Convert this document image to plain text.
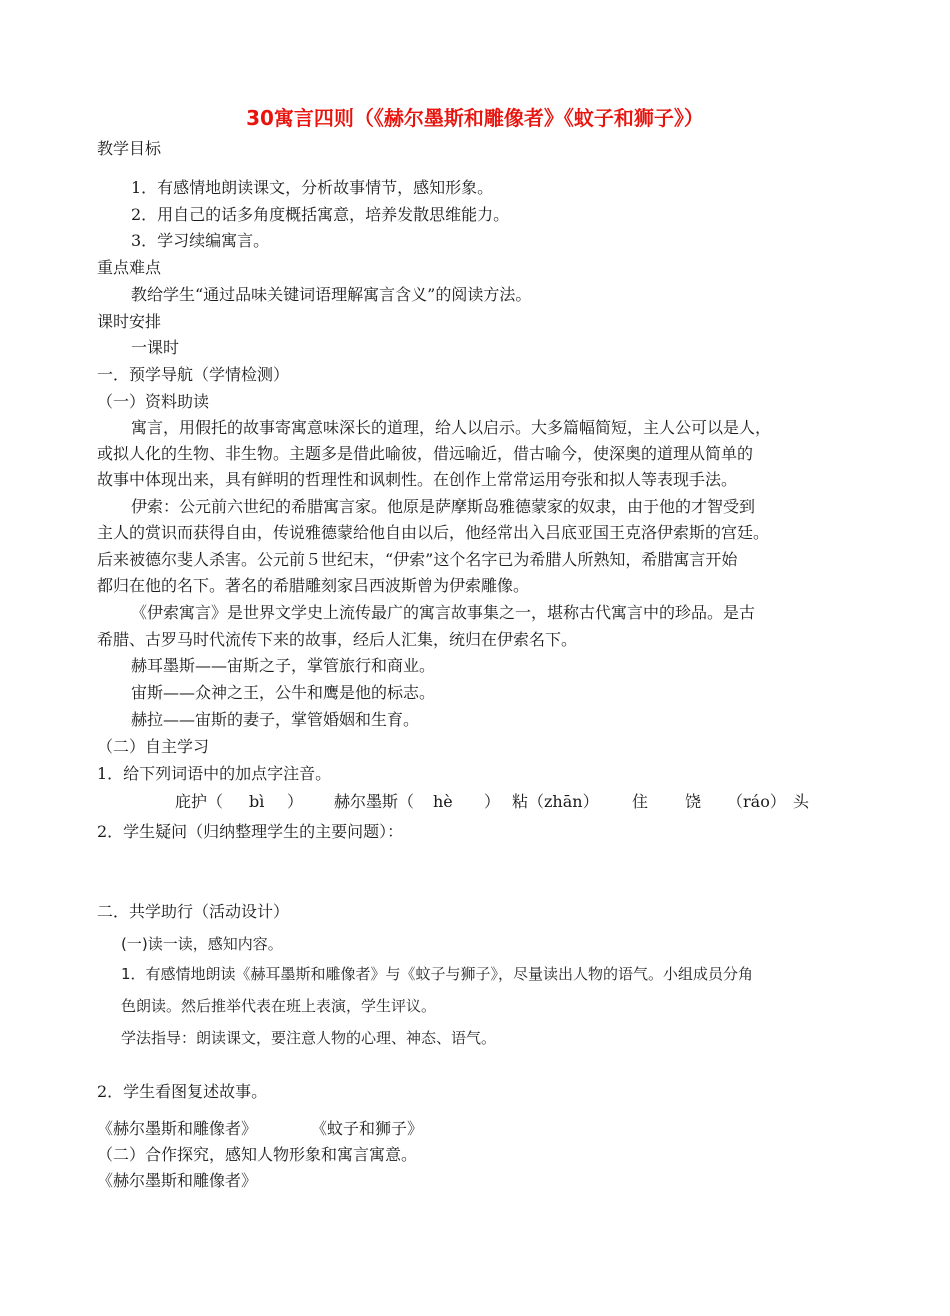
30寓言四则（《赫尔墨斯和雕像者》《蚊子和狮子》）
教学目标
1．有感情地朗读课文，分析故事情节，感知形象。
2．用自己的话多角度概括寓意，培养发散思维能力。
3．学习续编寓言。
重点难点
教给学生“通过品味关键词语理解寓言含义”的阅读方法。
课时安排
一课时
一．预学导航（学情检测）
（一）资料助读
寓言，用假托的故事寄寓意味深长的道理，给人以启示。大多篇幅简短，主人公可以是人，
或拟人化的生物、非生物。主题多是借此喻彼，借远喻近，借古喻今，使深奥的道理从简单的
故事中体现出来，具有鲜明的哲理性和讽刺性。在创作上常常运用夸张和拟人等表现手法。
伊索：公元前六世纪的希腊寓言家。他原是萨摩斯岛雅德蒙家的奴隶，由于他的才智受到
主人的赏识而获得自由，传说雅德蒙给他自由以后，他经常出入吕底亚国王克洛伊索斯的宫廷。
后来被德尔斐人杀害。公元前５世纪末，“伊索”这个名字已为希腊人所熟知，希腊寓言开始
都归在他的名下。著名的希腊雕刻家吕西波斯曾为伊索雕像。
《伊索寓言》是世界文学史上流传最广的寓言故事集之一，堪称古代寓言中的珍品。是古
希腊、古罗马时代流传下来的故事，经后人汇集，统归在伊索名下。
赫耳墨斯——宙斯之子，掌管旅行和商业。
宙斯——众神之王，公牛和鹰是他的标志。
赫拉——宙斯的妻子，掌管婚姻和生育。
（二）自主学习
1．给下列词语中的加点字注音。
庇护（ bì ） 赫尔墨斯（ hè ） 粘（zhān） 住 饶 （ráo） 头
2．学生疑问（归纳整理学生的主要问题）：
二．共学助行（活动设计）
(一)读一读，感知内容。
1．有感情地朗读《赫耳墨斯和雕像者》与《蚊子与狮子》，尽量读出人物的语气。小组成员分角
色朗读。然后推举代表在班上表演，学生评议。
学法指导：朗读课文，要注意人物的心理、神态、语气。
2．学生看图复述故事。
《赫尔墨斯和雕像者》	《蚊子和狮子》
（二）合作探究，感知人物形象和寓言寓意。
《赫尔墨斯和雕像者》
